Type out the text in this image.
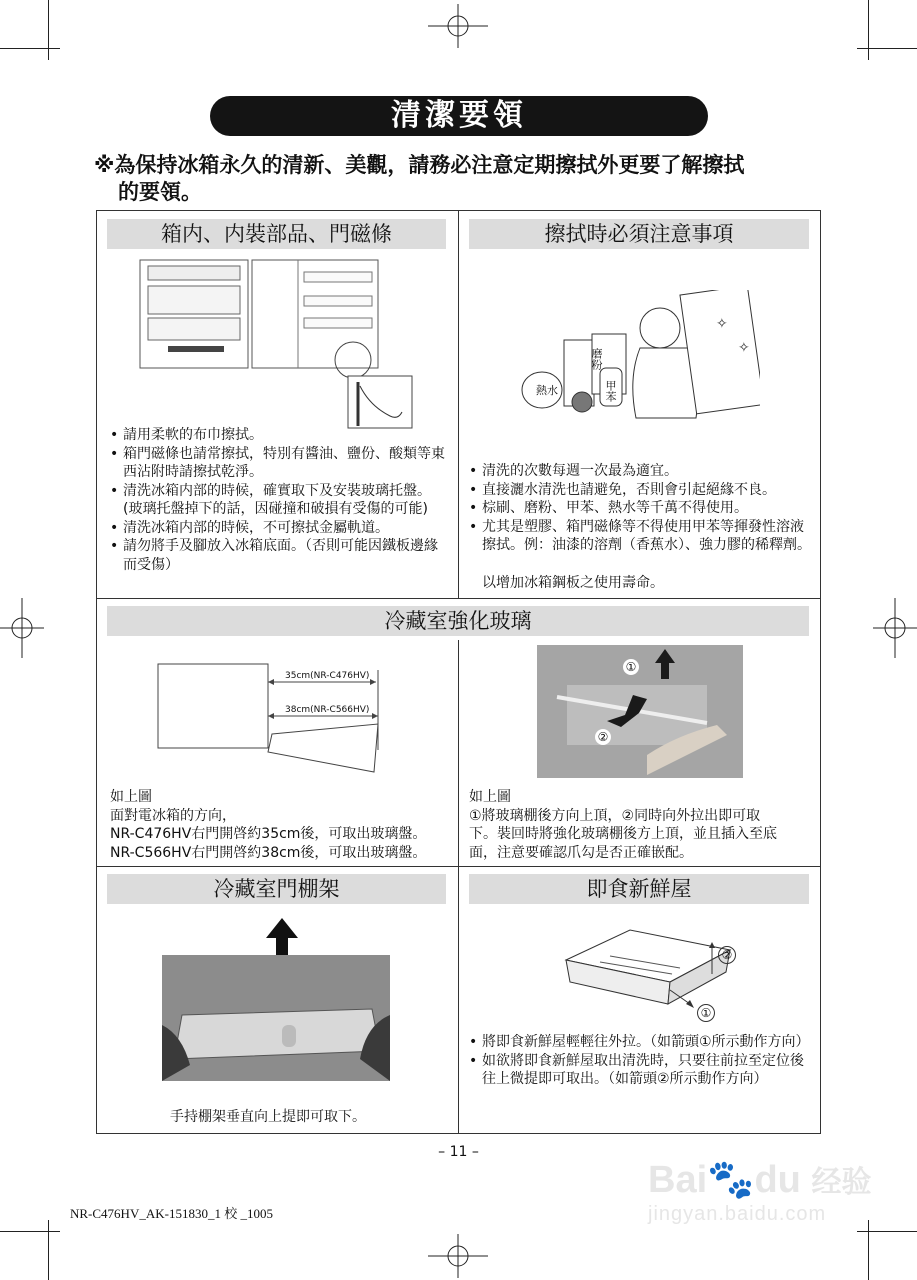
清潔要領
※為保持冰箱永久的清新、美觀，請務必注意定期擦拭外更要了解擦拭
的要領。
箱内、内裝部品、門磁條
• 請用柔軟的布巾擦拭。
• 箱門磁條也請常擦拭，特別有醬油、鹽份、酸類等東西沾附時請擦拭乾淨。
• 清洗冰箱内部的時候，確實取下及安裝玻璃托盤。(玻璃托盤掉下的話，因碰撞和破損有受傷的可能)
• 清洗冰箱内部的時候，不可擦拭金屬軌道。
• 請勿將手及腳放入冰箱底面。（否則可能因鐵板邊緣而受傷）
擦拭時必須注意事項
✧
✧
熱水
磨粉
甲苯
• 清洗的次數每週一次最為適宜。
• 直接灑水清洗也請避免，否則會引起絕緣不良。
• 棕刷、磨粉、甲苯、熱水等千萬不得使用。
• 尤其是塑膠、箱門磁條等不得使用甲苯等揮發性溶液擦拭。例：油漆的溶劑（香蕉水）、強力膠的稀釋劑。
以增加冰箱鋼板之使用壽命。
冷藏室強化玻璃
35cm(NR-C476HV)
38cm(NR-C566HV)
如上圖
面對電冰箱的方向，
NR-C476HV右門開啓約35cm後，可取出玻璃盤。
NR-C566HV右門開啓約38cm後，可取出玻璃盤。
①
②
如上圖
①將玻璃棚後方向上頂，②同時向外拉出即可取
下。裝回時將強化玻璃棚後方上頂，並且插入至底
面，注意要確認爪勾是否正確嵌配。
冷藏室門棚架
手持棚架垂直向上提即可取下。
即食新鮮屋
②
①
• 將即食新鮮屋輕輕往外拉。（如箭頭①所示動作方向）
• 如欲將即食新鮮屋取出清洗時，只要往前拉至定位後往上微提即可取出。（如箭頭②所示動作方向）
– 11 –
NR-C476HV_AK-151830_1 校 _1005
Bai🐾du 经验
jingyan.baidu.com
